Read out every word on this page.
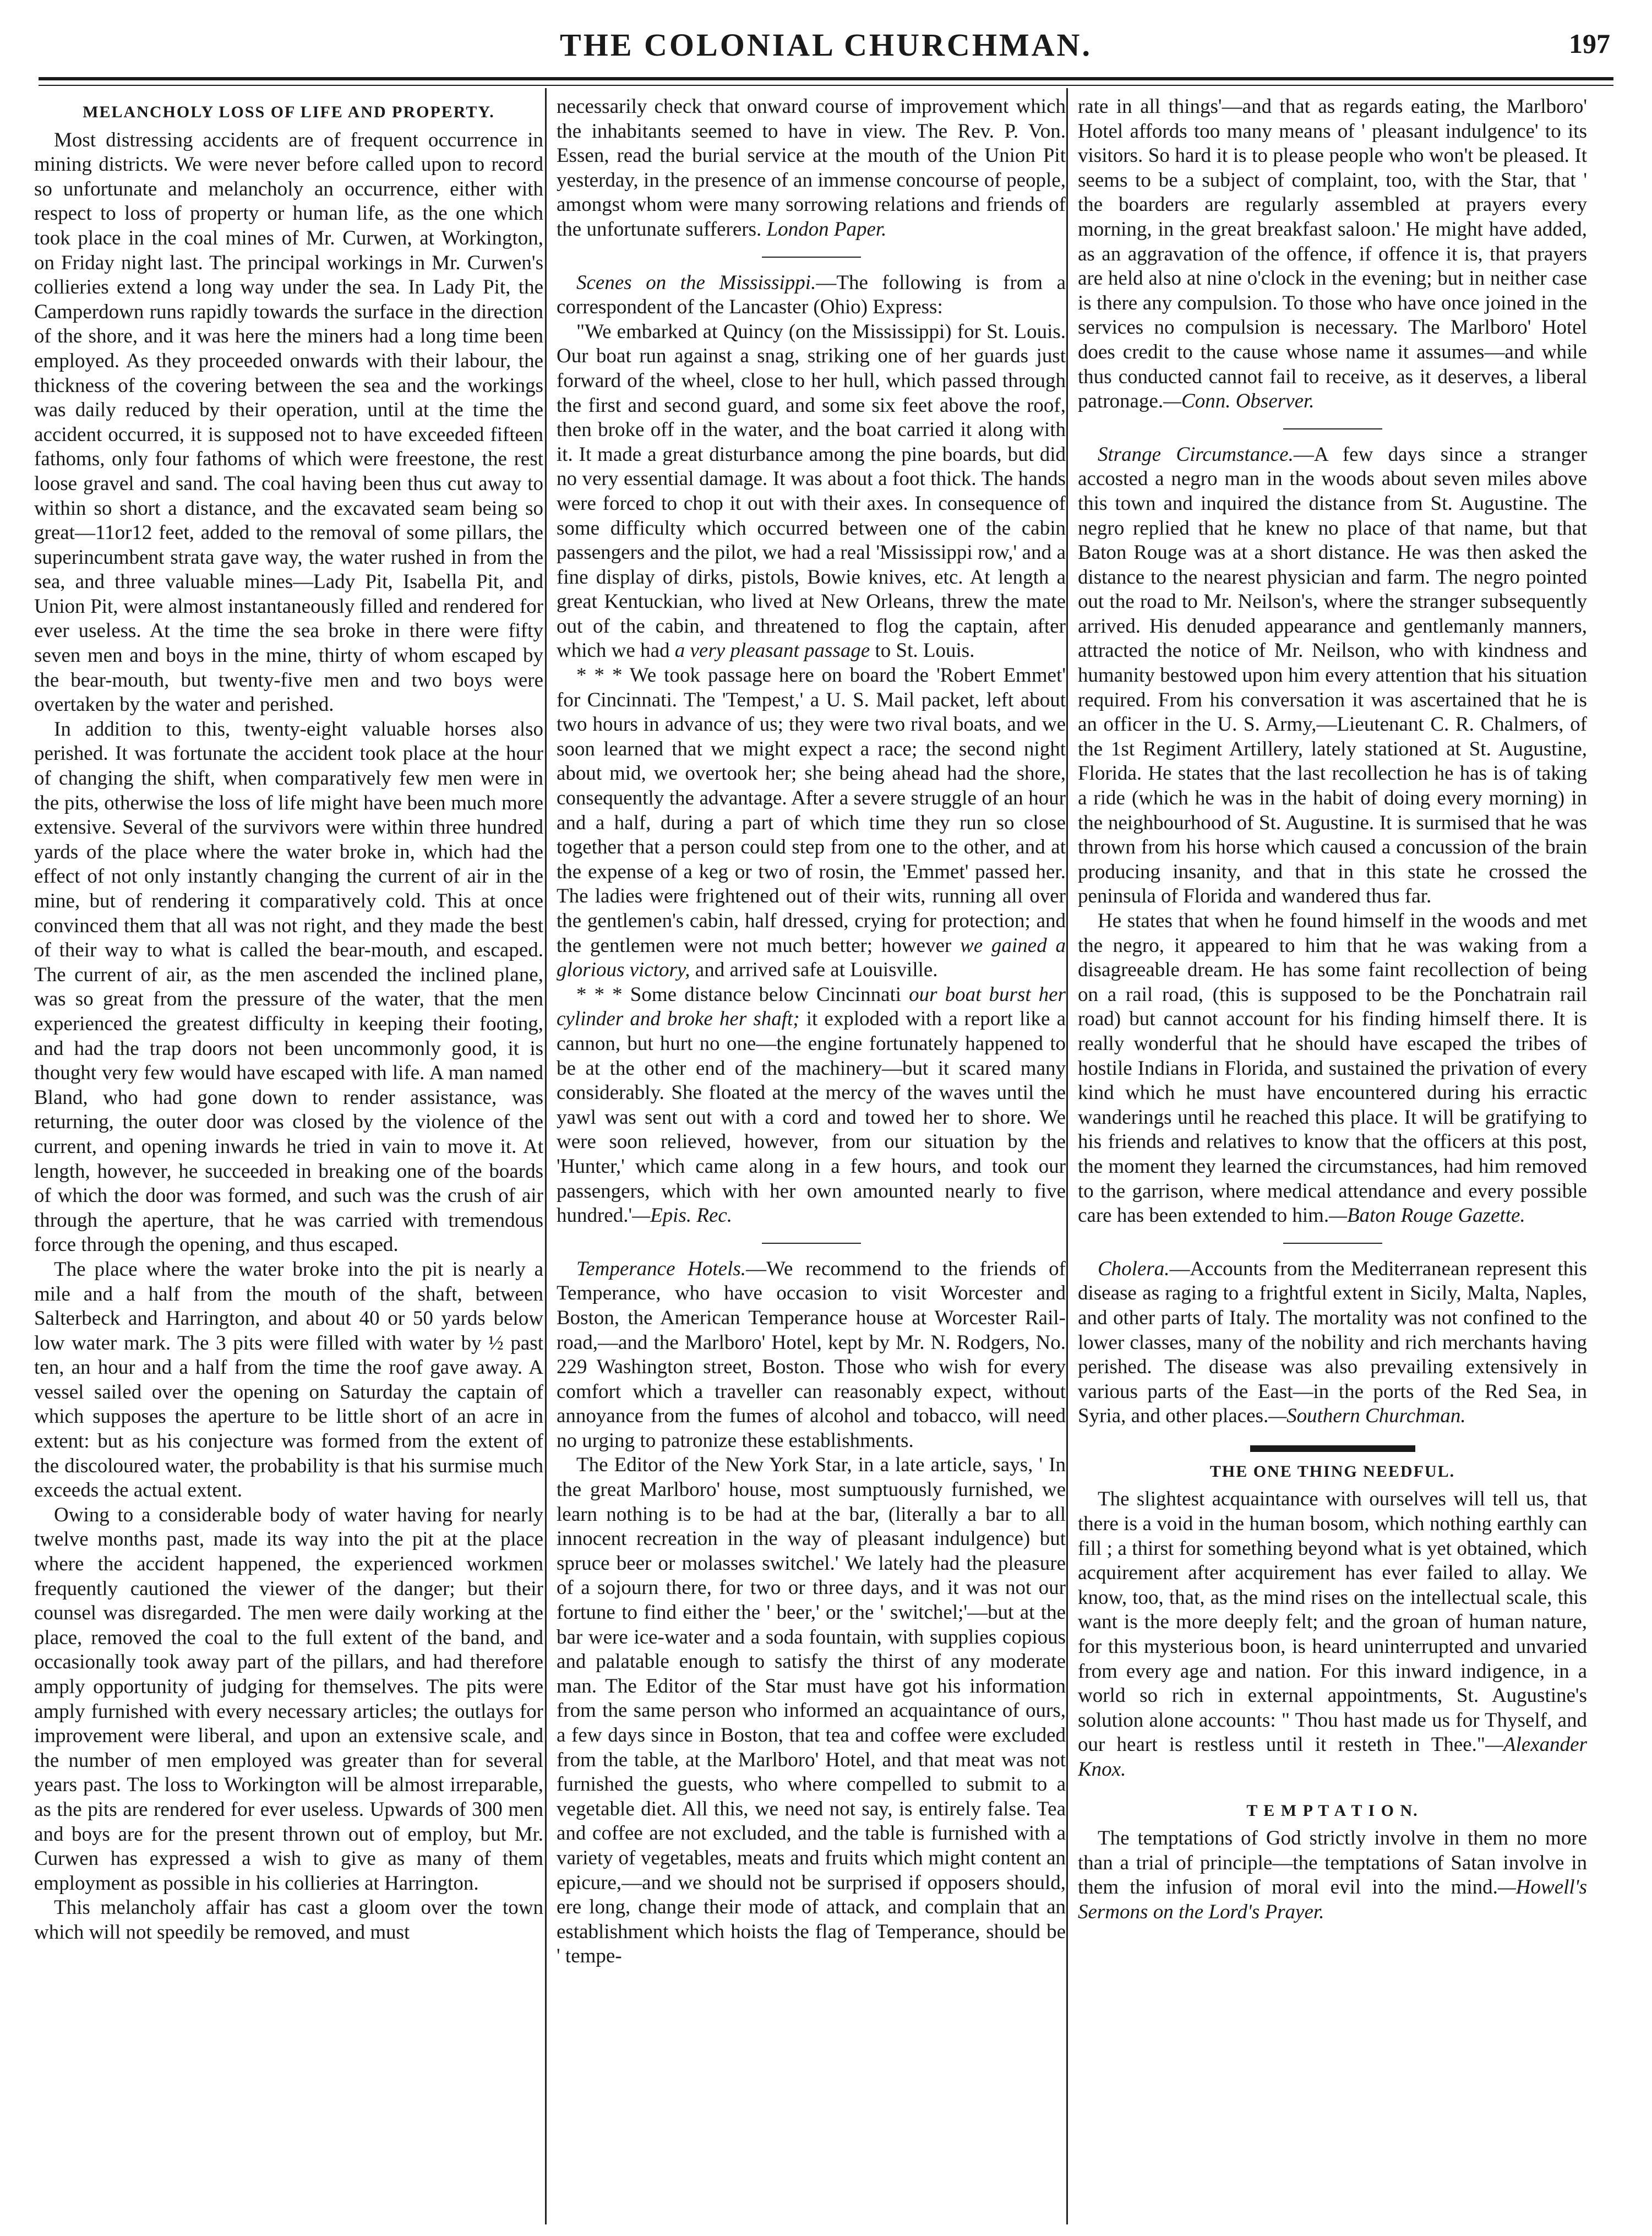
THE COLONIAL CHURCHMAN.	197
MELANCHOLY LOSS OF LIFE AND PROPERTY.

Most distressing accidents are of frequent occurrence in mining districts. We were never before called upon to record so unfortunate and melancholy an occurrence, either with respect to loss of property or human life, as the one which took place in the coal mines of Mr. Curwen, at Workington, on Friday night last. The principal workings in Mr. Curwen's collieries extend a long way under the sea. In Lady Pit, the Camperdown runs rapidly towards the surface in the direction of the shore, and it was here the miners had a long time been employed. As they proceeded onwards with their labour, the thickness of the covering between the sea and the workings was daily reduced by their operation, until at the time the accident occurred, it is supposed not to have exceeded fifteen fathoms, only four fathoms of which were freestone, the rest loose gravel and sand. The coal having been thus cut away to within so short a distance, and the excavated seam being so great—11or12 feet, added to the removal of some pillars, the superincumbent strata gave way, the water rushed in from the sea, and three valuable mines—Lady Pit, Isabella Pit, and Union Pit, were almost instantaneously filled and rendered for ever useless. At the time the sea broke in there were fifty seven men and boys in the mine, thirty of whom escaped by the bear-mouth, but twenty-five men and two boys were overtaken by the water and perished.

In addition to this, twenty-eight valuable horses also perished. It was fortunate the accident took place at the hour of changing the shift, when comparatively few men were in the pits, otherwise the loss of life might have been much more extensive. Several of the survivors were within three hundred yards of the place where the water broke in, which had the effect of not only instantly changing the current of air in the mine, but of rendering it comparatively cold. This at once convinced them that all was not right, and they made the best of their way to what is called the bear-mouth, and escaped. The current of air, as the men ascended the inclined plane, was so great from the pressure of the water, that the men experienced the greatest difficulty in keeping their footing, and had the trap doors not been uncommonly good, it is thought very few would have escaped with life. A man named Bland, who had gone down to render assistance, was returning, the outer door was closed by the violence of the current, and opening inwards he tried in vain to move it. At length, however, he succeeded in breaking one of the boards of which the door was formed, and such was the crush of air through the aperture, that he was carried with tremendous force through the opening, and thus escaped.

The place where the water broke into the pit is nearly a mile and a half from the mouth of the shaft, between Salterbeck and Harrington, and about 40 or 50 yards below low water mark. The 3 pits were filled with water by ½ past ten, an hour and a half from the time the roof gave away. A vessel sailed over the opening on Saturday the captain of which supposes the aperture to be little short of an acre in extent: but as his conjecture was formed from the extent of the discoloured water, the probability is that his surmise much exceeds the actual extent.

Owing to a considerable body of water having for nearly twelve months past, made its way into the pit at the place where the accident happened, the experienced workmen frequently cautioned the viewer of the danger; but their counsel was disregarded. The men were daily working at the place, removed the coal to the full extent of the band, and occasionally took away part of the pillars, and had therefore amply opportunity of judging for themselves. The pits were amply furnished with every necessary articles; the outlays for improvement were liberal, and upon an extensive scale, and the number of men employed was greater than for several years past. The loss to Workington will be almost irreparable, as the pits are rendered for ever useless. Upwards of 300 men and boys are for the present thrown out of employ, but Mr. Curwen has expressed a wish to give as many of them employment as possible in his collieries at Harrington.

This melancholy affair has cast a gloom over the town which will not speedily be removed, and must

necessarily check that onward course of improvement which the inhabitants seemed to have in view. The Rev. P. Von. Essen, read the burial service at the mouth of the Union Pit yesterday, in the presence of an immense concourse of people, amongst whom were many sorrowing relations and friends of the unfortunate sufferers. London Paper.

Scenes on the Mississippi.—The following is from a correspondent of the Lancaster (Ohio) Express:

"We embarked at Quincy (on the Mississippi) for St. Louis. Our boat run against a snag, striking one of her guards just forward of the wheel, close to her hull, which passed through the first and second guard, and some six feet above the roof, then broke off in the water, and the boat carried it along with it. It made a great disturbance among the pine boards, but did no very essential damage. It was about a foot thick. The hands were forced to chop it out with their axes. In consequence of some difficulty which occurred between one of the cabin passengers and the pilot, we had a real 'Mississippi row,' and a fine display of dirks, pistols, Bowie knives, etc. At length a great Kentuckian, who lived at New Orleans, threw the mate out of the cabin, and threatened to flog the captain, after which we had a very pleasant passage to St. Louis.

* * * We took passage here on board the 'Robert Emmet' for Cincinnati. The 'Tempest,' a U. S. Mail packet, left about two hours in advance of us; they were two rival boats, and we soon learned that we might expect a race; the second night about mid, we overtook her; she being ahead had the shore, consequently the advantage. After a severe struggle of an hour and a half, during a part of which time they run so close together that a person could step from one to the other, and at the expense of a keg or two of rosin, the 'Emmet' passed her. The ladies were frightened out of their wits, running all over the gentlemen's cabin, half dressed, crying for protection; and the gentlemen were not much better; however we gained a glorious victory, and arrived safe at Louisville.

* * * Some distance below Cincinnati our boat burst her cylinder and broke her shaft; it exploded with a report like a cannon, but hurt no one—the engine fortunately happened to be at the other end of the machinery—but it scared many considerably. She floated at the mercy of the waves until the yawl was sent out with a cord and towed her to shore. We were soon relieved, however, from our situation by the 'Hunter,' which came along in a few hours, and took our passengers, which with her own amounted nearly to five hundred.'—Epis. Rec.

Temperance Hotels.—We recommend to the friends of Temperance, who have occasion to visit Worcester and Boston, the American Temperance house at Worcester Rail-road,—and the Marlboro' Hotel, kept by Mr. N. Rodgers, No. 229 Washington street, Boston. Those who wish for every comfort which a traveller can reasonably expect, without annoyance from the fumes of alcohol and tobacco, will need no urging to patronize these establishments.

The Editor of the New York Star, in a late article, says, ' In the great Marlboro' house, most sumptuously furnished, we learn nothing is to be had at the bar, (literally a bar to all innocent recreation in the way of pleasant indulgence) but spruce beer or molasses switchel.' We lately had the pleasure of a sojourn there, for two or three days, and it was not our fortune to find either the ' beer,' or the ' switchel;'—but at the bar were ice-water and a soda fountain, with supplies copious and palatable enough to satisfy the thirst of any moderate man. The Editor of the Star must have got his information from the same person who informed an acquaintance of ours, a few days since in Boston, that tea and coffee were excluded from the table, at the Marlboro' Hotel, and that meat was not furnished the guests, who where compelled to submit to a vegetable diet. All this, we need not say, is entirely false. Tea and coffee are not excluded, and the table is furnished with a variety of vegetables, meats and fruits which might content an epicure,—and we should not be surprised if opposers should, ere long, change their mode of attack, and complain that an establishment which hoists the flag of Temperance, should be ' tempe-

rate in all things'—and that as regards eating, the Marlboro' Hotel affords too many means of ' pleasant indulgence' to its visitors. So hard it is to please people who won't be pleased. It seems to be a subject of complaint, too, with the Star, that ' the boarders are regularly assembled at prayers every morning, in the great breakfast saloon.' He might have added, as an aggravation of the offence, if offence it is, that prayers are held also at nine o'clock in the evening; but in neither case is there any compulsion. To those who have once joined in the services no compulsion is necessary. The Marlboro' Hotel does credit to the cause whose name it assumes—and while thus conducted cannot fail to receive, as it deserves, a liberal patronage.—Conn. Observer.

Strange Circumstance.—A few days since a stranger accosted a negro man in the woods about seven miles above this town and inquired the distance from St. Augustine. The negro replied that he knew no place of that name, but that Baton Rouge was at a short distance. He was then asked the distance to the nearest physician and farm. The negro pointed out the road to Mr. Neilson's, where the stranger subsequently arrived. His denuded appearance and gentlemanly manners, attracted the notice of Mr. Neilson, who with kindness and humanity bestowed upon him every attention that his situation required. From his conversation it was ascertained that he is an officer in the U. S. Army,—Lieutenant C. R. Chalmers, of the 1st Regiment Artillery, lately stationed at St. Augustine, Florida. He states that the last recollection he has is of taking a ride (which he was in the habit of doing every morning) in the neighbourhood of St. Augustine. It is surmised that he was thrown from his horse which caused a concussion of the brain producing insanity, and that in this state he crossed the peninsula of Florida and wandered thus far.

He states that when he found himself in the woods and met the negro, it appeared to him that he was waking from a disagreeable dream. He has some faint recollection of being on a rail road, (this is supposed to be the Ponchatrain rail road) but cannot account for his finding himself there. It is really wonderful that he should have escaped the tribes of hostile Indians in Florida, and sustained the privation of every kind which he must have encountered during his erractic wanderings until he reached this place. It will be gratifying to his friends and relatives to know that the officers at this post, the moment they learned the circumstances, had him removed to the garrison, where medical attendance and every possible care has been extended to him.—Baton Rouge Gazette.

Cholera.—Accounts from the Mediterranean represent this disease as raging to a frightful extent in Sicily, Malta, Naples, and other parts of Italy. The mortality was not confined to the lower classes, many of the nobility and rich merchants having perished. The disease was also prevailing extensively in various parts of the East—in the ports of the Red Sea, in Syria, and other places.—Southern Churchman.

THE ONE THING NEEDFUL.

The slightest acquaintance with ourselves will tell us, that there is a void in the human bosom, which nothing earthly can fill ; a thirst for something beyond what is yet obtained, which acquirement after acquirement has ever failed to allay. We know, too, that, as the mind rises on the intellectual scale, this want is the more deeply felt; and the groan of human nature, for this mysterious boon, is heard uninterrupted and unvaried from every age and nation. For this inward indigence, in a world so rich in external appointments, St. Augustine's solution alone accounts: " Thou hast made us for Thyself, and our heart is restless until it resteth in Thee."—Alexander Knox.

T E M P T A T I O N.

The temptations of God strictly involve in them no more than a trial of principle—the temptations of Satan involve in them the infusion of moral evil into the mind.—Howell's Sermons on the Lord's Prayer.
